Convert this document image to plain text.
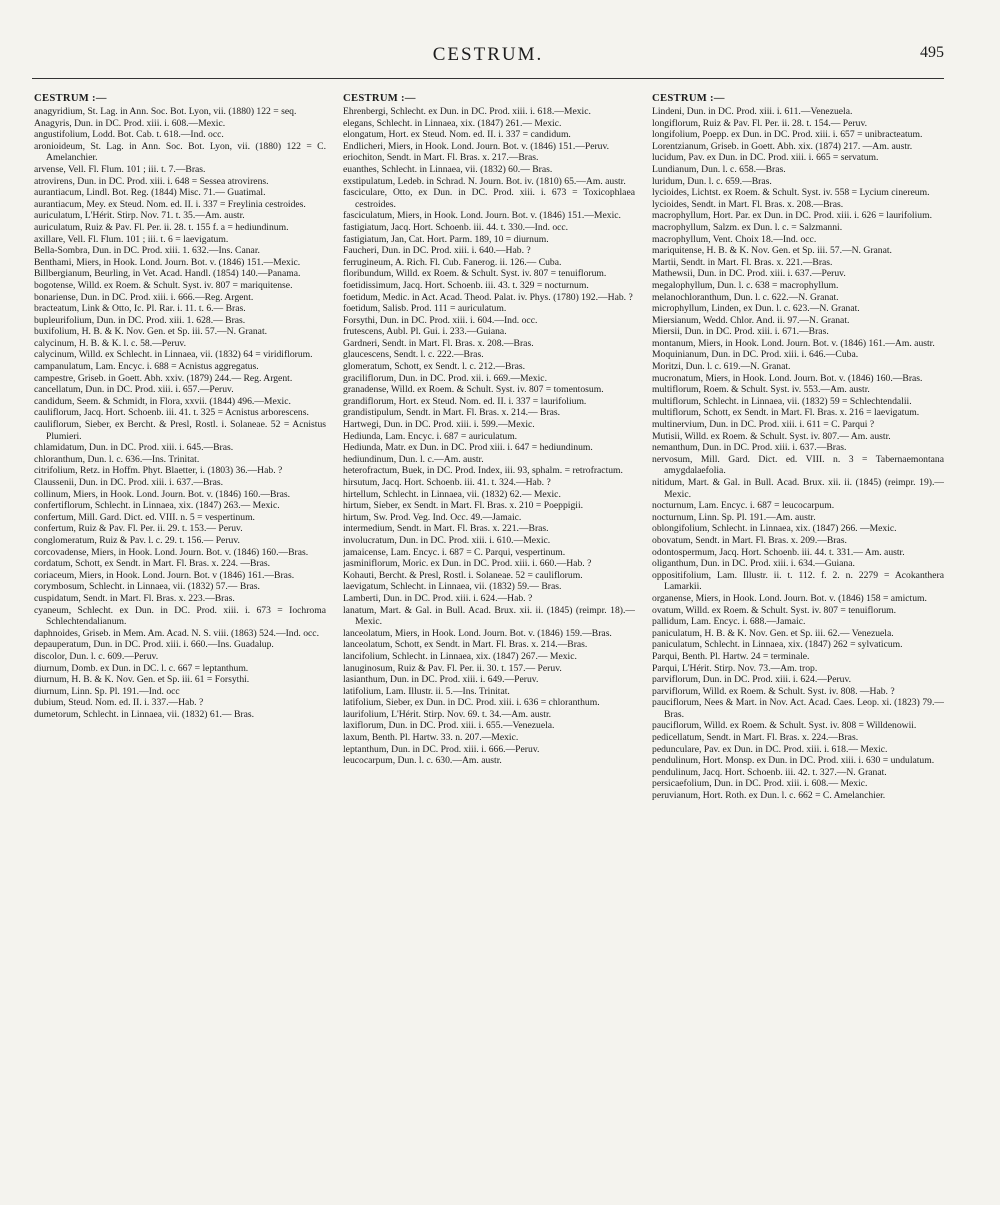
CESTRUM.	495
CESTRUM :—

anagyridium, St. Lag. in Ann. Soc. Bot. Lyon, vii. (1880) 122 = seq.

Anagyris, Dun. in DC. Prod. xiii. i. 608.—Mexic.

angustifolium, Lodd. Bot. Cab. t. 618.—Ind. occ.

aronioideum, St. Lag. in Ann. Soc. Bot. Lyon, vii. (1880) 122 = C. Amelanchier.

arvense, Vell. Fl. Flum. 101 ; iii. t. 7.—Bras.

atrovirens, Dun. in DC. Prod. xiii. i. 648 = Sessea atrovirens.

aurantiacum, Lindl. Bot. Reg. (1844) Misc. 71.— Guatimal.

aurantiacum, Mey. ex Steud. Nom. ed. II. i. 337 = Freylinia cestroides.

auriculatum, L'Hérit. Stirp. Nov. 71. t. 35.—Am. austr.

auriculatum, Ruiz & Pav. Fl. Per. ii. 28. t. 155 f. a = hediundinum.

axillare, Vell. Fl. Flum. 101 ; iii. t. 6 = laevigatum.

Bella-Sombra, Dun. in DC. Prod. xiii. 1. 632.—Ins. Canar.

Benthami, Miers, in Hook. Lond. Journ. Bot. v. (1846) 151.—Mexic.

Billbergianum, Beurling, in Vet. Acad. Handl. (1854) 140.—Panama.

bogotense, Willd. ex Roem. & Schult. Syst. iv. 807 = mariquitense.

bonariense, Dun. in DC. Prod. xiii. i. 666.—Reg. Argent.

bracteatum, Link & Otto, Ic. Pl. Rar. i. 11. t. 6.— Bras.

bupleurifolium, Dun. in DC. Prod. xiii. 1. 628.— Bras.

buxifolium, H. B. & K. Nov. Gen. et Sp. iii. 57.—N. Granat.

calycinum, H. B. & K. l. c. 58.—Peruv.

calycinum, Willd. ex Schlecht. in Linnaea, vii. (1832) 64 = viridiflorum.

campanulatum, Lam. Encyc. i. 688 = Acnistus aggregatus.

campestre, Griseb. in Goett. Abh. xxiv. (1879) 244.— Reg. Argent.

cancellatum, Dun. in DC. Prod. xiii. i. 657.—Peruv.

candidum, Seem. & Schmidt, in Flora, xxvii. (1844) 496.—Mexic.

cauliflorum, Jacq. Hort. Schoenb. iii. 41. t. 325 = Acnistus arborescens.

cauliflorum, Sieber, ex Bercht. & Presl, Rostl. i. Solaneae. 52 = Acnistus Plumieri.

chlamidatum, Dun. in DC. Prod. xiii. i. 645.—Bras.

chloranthum, Dun. l. c. 636.—Ins. Trinitat.

citrifolium, Retz. in Hoffm. Phyt. Blaetter, i. (1803) 36.—Hab. ?

Claussenii, Dun. in DC. Prod. xiii. i. 637.—Bras.

collinum, Miers, in Hook. Lond. Journ. Bot. v. (1846) 160.—Bras.

confertiflorum, Schlecht. in Linnaea, xix. (1847) 263.— Mexic.

confertum, Mill. Gard. Dict. ed. VIII. n. 5 = vespertinum.

confertum, Ruiz & Pav. Fl. Per. ii. 29. t. 153.— Peruv.

conglomeratum, Ruiz & Pav. l. c. 29. t. 156.— Peruv.

corcovadense, Miers, in Hook. Lond. Journ. Bot. v. (1846) 160.—Bras.

cordatum, Schott, ex Sendt. in Mart. Fl. Bras. x. 224. —Bras.

coriaceum, Miers, in Hook. Lond. Journ. Bot. v (1846) 161.—Bras.

corymbosum, Schlecht. in Linnaea, vii. (1832) 57.— Bras.

cuspidatum, Sendt. in Mart. Fl. Bras. x. 223.—Bras.

cyaneum, Schlecht. ex Dun. in DC. Prod. xiii. i. 673 = Iochroma Schlechtendalianum.

daphnoides, Griseb. in Mem. Am. Acad. N. S. viii. (1863) 524.—Ind. occ.

depauperatum, Dun. in DC. Prod. xiii. i. 660.—Ins. Guadalup.

discolor, Dun. l. c. 609.—Peruv.

diurnum, Domb. ex Dun. in DC. l. c. 667 = leptanthum.

diurnum, H. B. & K. Nov. Gen. et Sp. iii. 61 = Forsythi.

diurnum, Linn. Sp. Pl. 191.—Ind. occ

dubium, Steud. Nom. ed. II. i. 337.—Hab. ?

dumetorum, Schlecht. in Linnaea, vii. (1832) 61.— Bras.

CESTRUM :—

Ehrenbergi, Schlecht. ex Dun. in DC. Prod. xiii. i. 618.—Mexic.

elegans, Schlecht. in Linnaea, xix. (1847) 261.— Mexic.

elongatum, Hort. ex Steud. Nom. ed. II. i. 337 = candidum.

Endlicheri, Miers, in Hook. Lond. Journ. Bot. v. (1846) 151.—Peruv.

eriochiton, Sendt. in Mart. Fl. Bras. x. 217.—Bras.

euanthes, Schlecht. in Linnaea, vii. (1832) 60.— Bras.

exstipulatum, Ledeb. in Schrad. N. Journ. Bot. iv. (1810) 65.—Am. austr.

fasciculare, Otto, ex Dun. in DC. Prod. xiii. i. 673 = Toxicophlaea cestroides.

fasciculatum, Miers, in Hook. Lond. Journ. Bot. v. (1846) 151.—Mexic.

fastigiatum, Jacq. Hort. Schoenb. iii. 44. t. 330.—Ind. occ.

fastigiatum, Jan, Cat. Hort. Parm. 189, 10 = diurnum.

Faucheri, Dun. in DC. Prod. xiii. i. 640.—Hab. ?

ferrugineum, A. Rich. Fl. Cub. Fanerog. ii. 126.— Cuba.

floribundum, Willd. ex Roem. & Schult. Syst. iv. 807 = tenuiflorum.

foetidissimum, Jacq. Hort. Schoenb. iii. 43. t. 329 = nocturnum.

foetidum, Medic. in Act. Acad. Theod. Palat. iv. Phys. (1780) 192.—Hab. ?

foetidum, Salisb. Prod. 111 = auriculatum.

Forsythi, Dun. in DC. Prod. xiii. i. 604.—Ind. occ.

frutescens, Aubl. Pl. Gui. i. 233.—Guiana.

Gardneri, Sendt. in Mart. Fl. Bras. x. 208.—Bras.

glaucescens, Sendt. l. c. 222.—Bras.

glomeratum, Schott, ex Sendt. l. c. 212.—Bras.

graciliflorum, Dun. in DC. Prod. xii. i. 669.—Mexic.

granadense, Willd. ex Roem. & Schult. Syst. iv. 807 = tomentosum.

grandiflorum, Hort. ex Steud. Nom. ed. II. i. 337 = laurifolium.

grandistipulum, Sendt. in Mart. Fl. Bras. x. 214.— Bras.

Hartwegi, Dun. in DC. Prod. xiii. i. 599.—Mexic.

Hediunda, Lam. Encyc. i. 687 = auriculatum.

Hediunda, Matr. ex Dun. in DC. Prod xiii. i. 647 = hediundinum.

hediundinum, Dun. l. c.—Am. austr.

heterofractum, Buek, in DC. Prod. Index, iii. 93, sphalm. = retrofractum.

hirsutum, Jacq. Hort. Schoenb. iii. 41. t. 324.—Hab. ?

hirtellum, Schlecht. in Linnaea, vii. (1832) 62.— Mexic.

hirtum, Sieber, ex Sendt. in Mart. Fl. Bras. x. 210 = Poeppigii.

hirtum, Sw. Prod. Veg. Ind. Occ. 49.—Jamaic.

intermedium, Sendt. in Mart. Fl. Bras. x. 221.—Bras.

involucratum, Dun. in DC. Prod. xiii. i. 610.—Mexic.

jamaicense, Lam. Encyc. i. 687 = C. Parqui, vespertinum.

jasminiflorum, Moric. ex Dun. in DC. Prod. xiii. i. 660.—Hab. ?

Kohauti, Bercht. & Presl, Rostl. i. Solaneae. 52 = cauliflorum.

laevigatum, Schlecht. in Linnaea, vii. (1832) 59.— Bras.

Lamberti, Dun. in DC. Prod. xiii. i. 624.—Hab. ?

lanatum, Mart. & Gal. in Bull. Acad. Brux. xii. ii. (1845) (reimpr. 18).—Mexic.

lanceolatum, Miers, in Hook. Lond. Journ. Bot. v. (1846) 159.—Bras.

lanceolatum, Schott, ex Sendt. in Mart. Fl. Bras. x. 214.—Bras.

lancifolium, Schlecht. in Linnaea, xix. (1847) 267.— Mexic.

lanuginosum, Ruiz & Pav. Fl. Per. ii. 30. t. 157.— Peruv.

lasianthum, Dun. in DC. Prod. xiii. i. 649.—Peruv.

latifolium, Lam. Illustr. ii. 5.—Ins. Trinitat.

latifolium, Sieber, ex Dun. in DC. Prod. xiii. i. 636 = chloranthum.

laurifolium, L'Hérit. Stirp. Nov. 69. t. 34.—Am. austr.

laxiflorum, Dun. in DC. Prod. xiii. i. 655.—Venezuela.

laxum, Benth. Pl. Hartw. 33. n. 207.—Mexic.

leptanthum, Dun. in DC. Prod. xiii. i. 666.—Peruv.

leucocarpum, Dun. l. c. 630.—Am. austr.

CESTRUM :—

Lindeni, Dun. in DC. Prod. xiii. i. 611.—Venezuela.

longiflorum, Ruiz & Pav. Fl. Per. ii. 28. t. 154.— Peruv.

longifolium, Poepp. ex Dun. in DC. Prod. xiii. i. 657 = unibracteatum.

Lorentzianum, Griseb. in Goett. Abh. xix. (1874) 217. —Am. austr.

lucidum, Pav. ex Dun. in DC. Prod. xiii. i. 665 = servatum.

Lundianum, Dun. l. c. 658.—Bras.

luridum, Dun. l. c. 659.—Bras.

lycioides, Lichtst. ex Roem. & Schult. Syst. iv. 558 = Lycium cinereum.

lycioides, Sendt. in Mart. Fl. Bras. x. 208.—Bras.

macrophyllum, Hort. Par. ex Dun. in DC. Prod. xiii. i. 626 = laurifolium.

macrophyllum, Salzm. ex Dun. l. c. = Salzmanni.

macrophyllum, Vent. Choix 18.—Ind. occ.

mariquitense, H. B. & K. Nov. Gen. et Sp. iii. 57.—N. Granat.

Martii, Sendt. in Mart. Fl. Bras. x. 221.—Bras.

Mathewsii, Dun. in DC. Prod. xiii. i. 637.—Peruv.

megalophyllum, Dun. l. c. 638 = macrophyllum.

melanochloranthum, Dun. l. c. 622.—N. Granat.

microphyllum, Linden, ex Dun. l. c. 623.—N. Granat.

Miersianum, Wedd. Chlor. And. ii. 97.—N. Granat.

Miersii, Dun. in DC. Prod. xiii. i. 671.—Bras.

montanum, Miers, in Hook. Lond. Journ. Bot. v. (1846) 161.—Am. austr.

Moquinianum, Dun. in DC. Prod. xiii. i. 646.—Cuba.

Moritzi, Dun. l. c. 619.—N. Granat.

mucronatum, Miers, in Hook. Lond. Journ. Bot. v. (1846) 160.—Bras.

multiflorum, Roem. & Schult. Syst. iv. 553.—Am. austr.

multiflorum, Schlecht. in Linnaea, vii. (1832) 59 = Schlechtendalii.

multiflorum, Schott, ex Sendt. in Mart. Fl. Bras. x. 216 = laevigatum.

multinervium, Dun. in DC. Prod. xiii. i. 611 = C. Parqui ?

Mutisii, Willd. ex Roem. & Schult. Syst. iv. 807.— Am. austr.

nemanthum, Dun. in DC. Prod. xiii. i. 637.—Bras.

nervosum, Mill. Gard. Dict. ed. VIII. n. 3 = Tabernaemontana amygdalaefolia.

nitidum, Mart. & Gal. in Bull. Acad. Brux. xii. ii. (1845) (reimpr. 19).—Mexic.

nocturnum, Lam. Encyc. i. 687 = leucocarpum.

nocturnum, Linn. Sp. Pl. 191.—Am. austr.

oblongifolium, Schlecht. in Linnaea, xix. (1847) 266. —Mexic.

obovatum, Sendt. in Mart. Fl. Bras. x. 209.—Bras.

odontospermum, Jacq. Hort. Schoenb. iii. 44. t. 331.— Am. austr.

oliganthum, Dun. in DC. Prod. xiii. i. 634.—Guiana.

oppositifolium, Lam. Illustr. ii. t. 112. f. 2. n. 2279 = Acokanthera Lamarkii.

organense, Miers, in Hook. Lond. Journ. Bot. v. (1846) 158 = amictum.

ovatum, Willd. ex Roem. & Schult. Syst. iv. 807 = tenuiflorum.

pallidum, Lam. Encyc. i. 688.—Jamaic.

paniculatum, H. B. & K. Nov. Gen. et Sp. iii. 62.— Venezuela.

paniculatum, Schlecht. in Linnaea, xix. (1847) 262 = sylvaticum.

Parqui, Benth. Pl. Hartw. 24 = terminale.

Parqui, L'Hérit. Stirp. Nov. 73.—Am. trop.

parviflorum, Dun. in DC. Prod. xiii. i. 624.—Peruv.

parviflorum, Willd. ex Roem. & Schult. Syst. iv. 808. —Hab. ?

pauciflorum, Nees & Mart. in Nov. Act. Acad. Caes. Leop. xi. (1823) 79.—Bras.

pauciflorum, Willd. ex Roem. & Schult. Syst. iv. 808 = Willdenowii.

pedicellatum, Sendt. in Mart. Fl. Bras. x. 224.—Bras.

pedunculare, Pav. ex Dun. in DC. Prod. xiii. i. 618.— Mexic.

pendulinum, Hort. Monsp. ex Dun. in DC. Prod. xiii. i. 630 = undulatum.

pendulinum, Jacq. Hort. Schoenb. iii. 42. t. 327.—N. Granat.

persicaefolium, Dun. in DC. Prod. xiii. i. 608.— Mexic.

peruvianum, Hort. Roth. ex Dun. l. c. 662 = C. Amelanchier.
